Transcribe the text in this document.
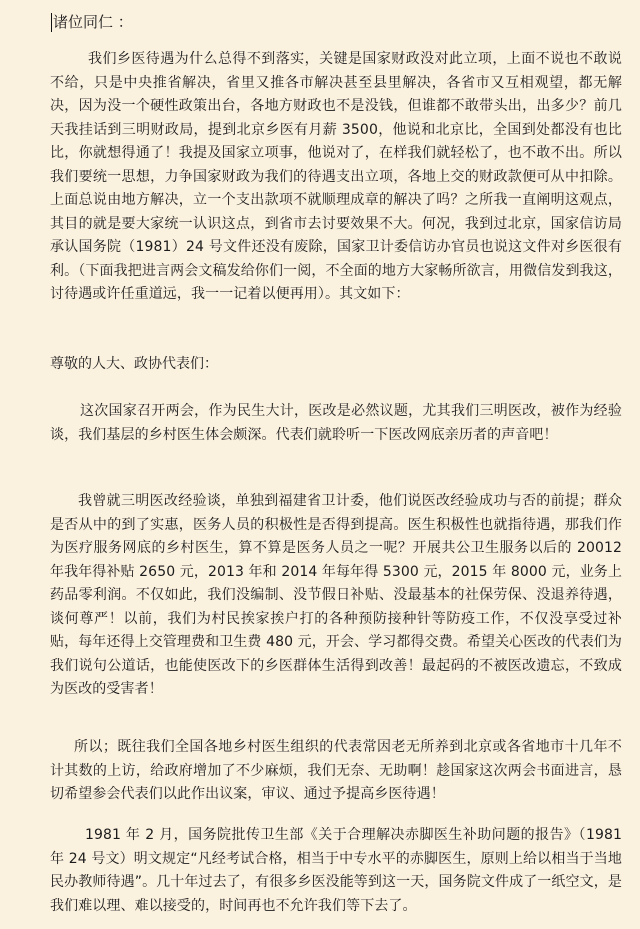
诸位同仁 ：

我们乡医待遇为什么总得不到落实，关键是国家财政没对此立项，上面不说也不敢说不给，只是中央推省解决，省里又推各市解决甚至县里解决，各省市又互相观望，都无解决，因为没一个硬性政策出台，各地方财政也不是没钱，但谁都不敢带头出，出多少？前几天我挂话到三明财政局，提到北京乡医有月薪 3500，他说和北京比，全国到处都没有也比比，你就想得通了！我提及国家立项事，他说对了，在样我们就轻松了，也不敢不出。所以我们要统一思想，力争国家财政为我们的待遇支出立项，各地上交的财政款便可从中扣除。上面总说由地方解决，立一个支出款项不就顺理成章的解决了吗？之所我一直阐明这观点，其目的就是要大家统一认识这点，到省市去讨要效果不大。何况，我到过北京，国家信访局承认国务院（1981）24 号文件还没有废除，国家卫计委信访办官员也说这文件对乡医很有利。（下面我把进言两会文稿发给你们一阅，不全面的地方大家畅所欲言，用微信发到我这，讨待遇或许任重道远，我一一记着以便再用）。其文如下：

尊敬的人大、政协代表们：

这次国家召开两会，作为民生大计，医改是必然议题，尤其我们三明医改，被作为经验谈，我们基层的乡村医生体会颇深。代表们就聆听一下医改网底亲历者的声音吧！

我曾就三明医改经验谈，单独到福建省卫计委，他们说医改经验成功与否的前提；群众是否从中的到了实惠，医务人员的积极性是否得到提高。医生积极性也就指待遇，那我们作为医疗服务网底的乡村医生，算不算是医务人员之一呢？开展共公卫生服务以后的 20012 年我年得补贴 2650 元，2013 年和 2014 年每年得 5300 元，2015 年 8000 元，业务上药品零利润。不仅如此，我们没编制、没节假日补贴、没最基本的社保劳保、没退养待遇，谈何尊严！以前，我们为村民挨家挨户打的各种预防接种针等防疫工作，不仅没享受过补贴，每年还得上交管理费和卫生费 480 元，开会、学习都得交费。希望关心医改的代表们为我们说句公道话，也能使医改下的乡医群体生活得到改善！最起码的不被医改遗忘，不致成为医改的受害者！

所以；既往我们全国各地乡村医生组织的代表常因老无所养到北京或各省地市十几年不计其数的上访，给政府增加了不少麻烦，我们无奈、无助啊！趁国家这次两会书面进言，恳切希望参会代表们以此作出议案，审议、通过予提高乡医待遇！

1981 年 2 月，国务院批传卫生部《关于合理解决赤脚医生补助问题的报告》（1981 年 24 号文）明文规定“凡经考试合格，相当于中专水平的赤脚医生，原则上给以相当于当地民办教师待遇”。几十年过去了，有很多乡医没能等到这一天，国务院文件成了一纸空文，是我们难以理、难以接受的，时间再也不允许我们等下去了。
